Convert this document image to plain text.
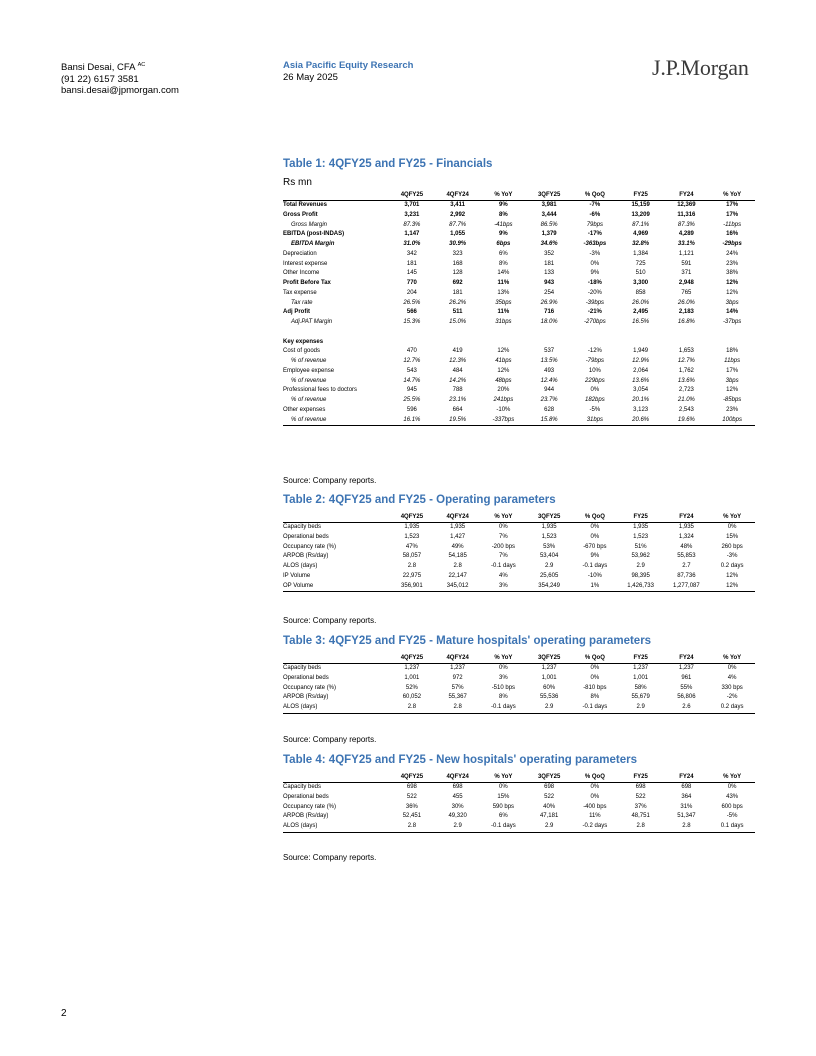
Bansi Desai, CFA $^{AC}$
(91 22) 6157 3581
bansi.desai@jpmorgan.com
Asia Pacific Equity Research
26 May 2025	J.P.Morgan
Table 1: 4QFY25 and FY25 - Financials
Rs mn
	4QFY25	4QFY24	% YoY	3QFY25	% QoQ	FY25	FY24	% YoY
Total Revenues	3,701	3,411	9%	3,981	-7%	15,159	12,369	17%
Gross Profit	3,231	2,992	8%	3,444	-6%	13,209	11,316	17%
Gross Margin	87.3%	87.7%	-41bps	86.5%	79bps	87.1%	87.3%	-11bps
EBITDA (post-INDAS)	1,147	1,055	9%	1,379	-17%	4,969	4,289	16%
EBITDA Margin	31.0%	30.9%	6bps	34.6%	-363bps	32.8%	33.1%	-29bps
Depreciation	342	323	6%	352	-3%	1,384	1,121	24%
Interest expense	181	168	8%	181	0%	725	591	23%
Other Income	145	128	14%	133	9%	510	371	38%
Profit Before Tax	770	692	11%	943	-18%	3,300	2,948	12%
Tax expense	204	181	13%	254	-20%	858	765	12%
Tax rate	26.5%	26.2%	35bps	26.9%	-39bps	26.0%	26.0%	3bps
Adj Profit	566	511	11%	716	-21%	2,495	2,183	14%
Adj.PAT Margin	15.3%	15.0%	31bps	18.0%	-270bps	16.5%	16.8%	-37bps

Key expenses								
Cost of goods	470	419	12%	537	-12%	1,949	1,653	18%
% of revenue	12.7%	12.3%	41bps	13.5%	-79bps	12.9%	12.7%	11bps
Employee expense	543	484	12%	493	10%	2,064	1,762	17%
% of revenue	14.7%	14.2%	48bps	12.4%	229bps	13.6%	13.6%	3bps
Professional fees to doctors	945	788	20%	944	0%	3,054	2,723	12%
% of revenue	25.5%	23.1%	241bps	23.7%	182bps	20.1%	21.0%	-85bps
Other expenses	596	664	-10%	628	-5%	3,123	2,543	23%
% of revenue	16.1%	19.5%	-337bps	15.8%	31bps	20.6%	19.6%	100bps
Source: Company reports.
Table 2: 4QFY25 and FY25 - Operating parameters
	4QFY25	4QFY24	% YoY	3QFY25	% QoQ	FY25	FY24	% YoY
Capacity beds	1,935	1,935	0%	1,935	0%	1,935	1,935	0%
Operational beds	1,523	1,427	7%	1,523	0%	1,523	1,324	15%
Occupancy rate (%)	47%	49%	-200 bps	53%	-670 bps	51%	48%	260 bps
ARPOB (Rs/day)	58,057	54,185	7%	53,404	9%	53,962	55,853	-3%
ALOS (days)	2.8	2.8	-0.1 days	2.9	-0.1 days	2.9	2.7	0.2 days
IP Volume	22,975	22,147	4%	25,605	-10%	98,395	87,736	12%
OP Volume	356,901	345,012	3%	354,249	1%	1,426,733	1,277,087	12%
Source: Company reports.
Table 3: 4QFY25 and FY25 - Mature hospitals' operating parameters
	4QFY25	4QFY24	% YoY	3QFY25	% QoQ	FY25	FY24	% YoY
Capacity beds	1,237	1,237	0%	1,237	0%	1,237	1,237	0%
Operational beds	1,001	972	3%	1,001	0%	1,001	961	4%
Occupancy rate (%)	52%	57%	-510 bps	60%	-810 bps	58%	55%	330 bps
ARPOB (Rs/day)	60,052	55,367	8%	55,536	8%	55,679	56,806	-2%
ALOS (days)	2.8	2.8	-0.1 days	2.9	-0.1 days	2.9	2.6	0.2 days
Source: Company reports.
Table 4: 4QFY25 and FY25 - New hospitals' operating parameters
	4QFY25	4QFY24	% YoY	3QFY25	% QoQ	FY25	FY24	% YoY
Capacity beds	698	698	0%	698	0%	698	698	0%
Operational beds	522	455	15%	522	0%	522	364	43%
Occupancy rate (%)	36%	30%	590 bps	40%	-400 bps	37%	31%	600 bps
ARPOB (Rs/day)	52,451	49,320	6%	47,181	11%	48,751	51,347	-5%
ALOS (days)	2.8	2.9	-0.1 days	2.9	-0.2 days	2.8	2.8	0.1 days
Source: Company reports.
2
